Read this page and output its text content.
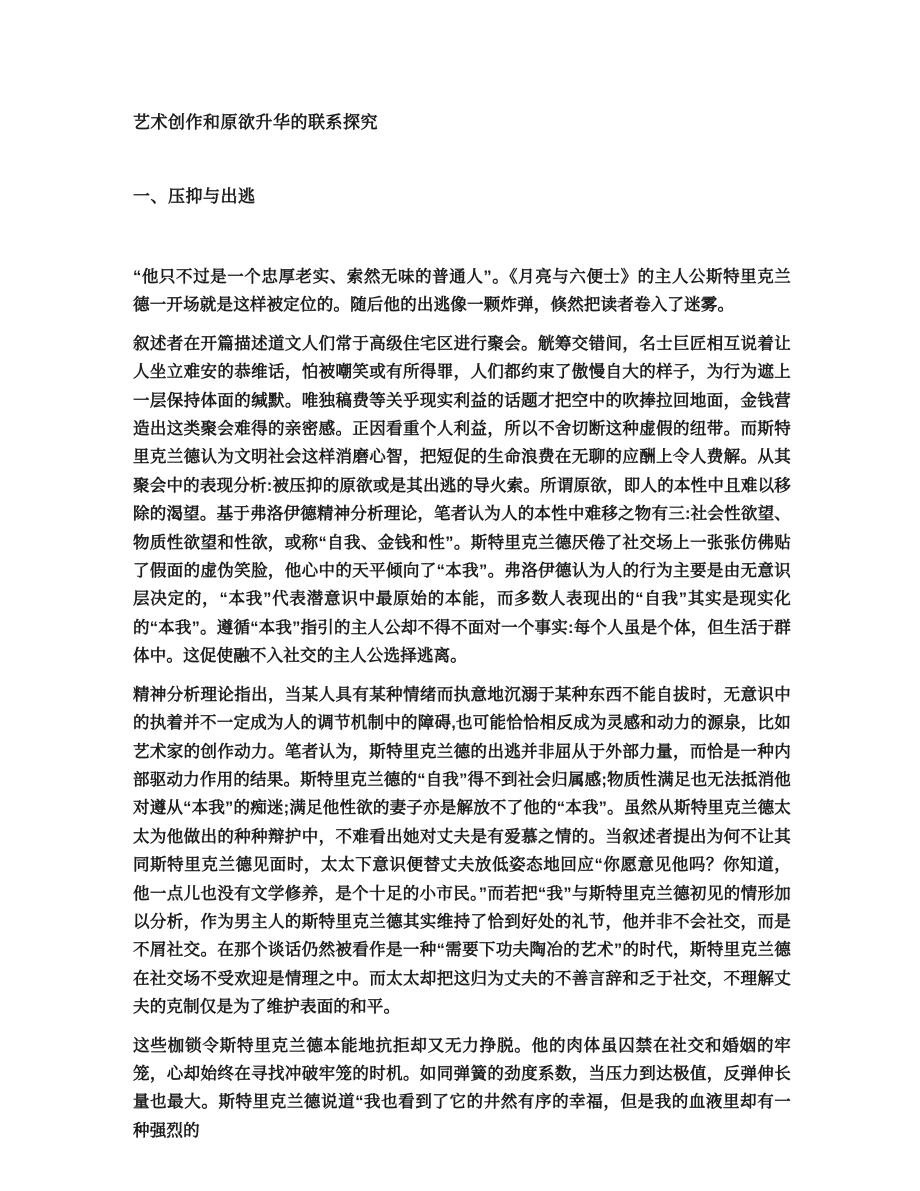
艺术创作和原欲升华的联系探究
一、压抑与出逃

“他只不过是一个忠厚老实、索然无味的普通人”。《月亮与六便士》的主人公斯特里克兰德一开场就是这样被定位的。随后他的出逃像一颗炸弹，倏然把读者卷入了迷雾。

叙述者在开篇描述道文人们常于高级住宅区进行聚会。觥筹交错间，名士巨匠相互说着让人坐立难安的恭维话，怕被嘲笑或有所得罪，人们都约束了傲慢自大的样子，为行为遮上一层保持体面的缄默。唯独稿费等关乎现实利益的话题才把空中的吹捧拉回地面，金钱营造出这类聚会难得的亲密感。正因看重个人利益，所以不舍切断这种虚假的纽带。而斯特里克兰德认为文明社会这样消磨心智，把短促的生命浪费在无聊的应酬上令人费解。从其聚会中的表现分析:被压抑的原欲或是其出逃的导火索。所谓原欲，即人的本性中且难以移除的渴望。基于弗洛伊德精神分析理论，笔者认为人的本性中难移之物有三:社会性欲望、物质性欲望和性欲，或称“自我、金钱和性”。斯特里克兰德厌倦了社交场上一张张仿佛贴了假面的虚伪笑脸，他心中的天平倾向了“本我”。弗洛伊德认为人的行为主要是由无意识层决定的，“本我”代表潜意识中最原始的本能，而多数人表现出的“自我”其实是现实化的“本我”。遵循“本我”指引的主人公却不得不面对一个事实:每个人虽是个体，但生活于群体中。这促使融不入社交的主人公选择逃离。

精神分析理论指出，当某人具有某种情绪而执意地沉溺于某种东西不能自拔时，无意识中的执着并不一定成为人的调节机制中的障碍,也可能恰恰相反成为灵感和动力的源泉，比如艺术家的创作动力。笔者认为，斯特里克兰德的出逃并非屈从于外部力量，而恰是一种内部驱动力作用的结果。斯特里克兰德的“自我”得不到社会归属感;物质性满足也无法抵消他对遵从“本我”的痴迷;满足他性欲的妻子亦是解放不了他的“本我”。虽然从斯特里克兰德太太为他做出的种种辩护中，不难看出她对丈夫是有爱慕之情的。当叙述者提出为何不让其同斯特里克兰德见面时，太太下意识便替丈夫放低姿态地回应“你愿意见他吗？你知道，他一点儿也没有文学修养，是个十足的小市民。”而若把“我”与斯特里克兰德初见的情形加以分析，作为男主人的斯特里克兰德其实维持了恰到好处的礼节，他并非不会社交，而是不屑社交。在那个谈话仍然被看作是一种“需要下功夫陶冶的艺术”的时代，斯特里克兰德在社交场不受欢迎是情理之中。而太太却把这归为丈夫的不善言辞和乏于社交，不理解丈夫的克制仅是为了维护表面的和平。

这些枷锁令斯特里克兰德本能地抗拒却又无力挣脱。他的肉体虽囚禁在社交和婚姻的牢笼，心却始终在寻找冲破牢笼的时机。如同弹簧的劲度系数，当压力到达极值，反弹伸长量也最大。斯特里克兰德说道“我也看到了它的井然有序的幸福，但是我的血液里却有一种强烈的
